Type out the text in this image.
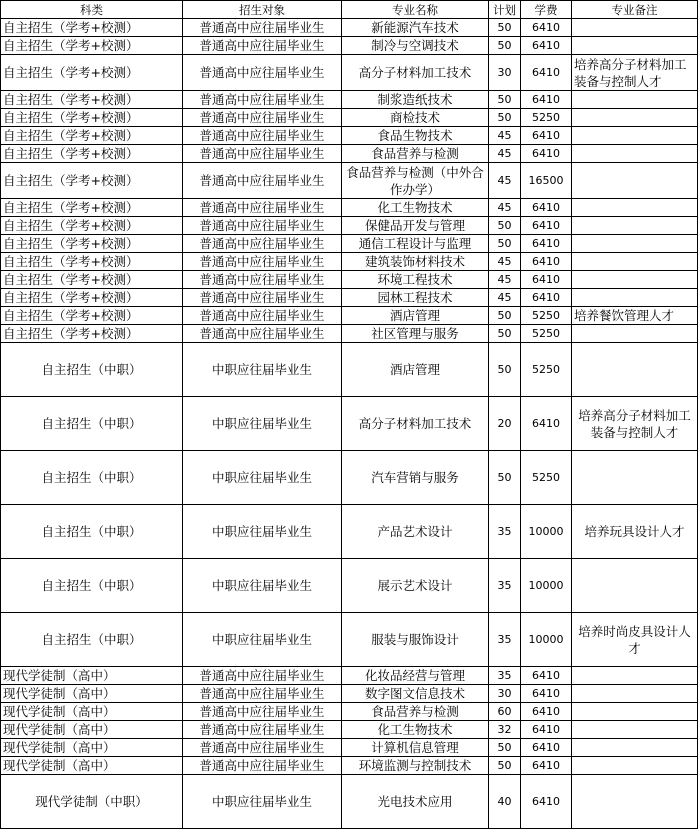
科类	招生对象	专业名称	计划	学费	专业备注
自主招生（学考+校测）	普通高中应往届毕业生	新能源汽车技术	50	6410	
自主招生（学考+校测）	普通高中应往届毕业生	制冷与空调技术	50	6410	
自主招生（学考+校测）	普通高中应往届毕业生	高分子材料加工技术	30	6410	培养高分子材料加工装备与控制人才
自主招生（学考+校测）	普通高中应往届毕业生	制浆造纸技术	50	6410	
自主招生（学考+校测）	普通高中应往届毕业生	商检技术	50	5250	
自主招生（学考+校测）	普通高中应往届毕业生	食品生物技术	45	6410	
自主招生（学考+校测）	普通高中应往届毕业生	食品营养与检测	45	6410	
自主招生（学考+校测）	普通高中应往届毕业生	食品营养与检测（中外合作办学）	45	16500	
自主招生（学考+校测）	普通高中应往届毕业生	化工生物技术	45	6410	
自主招生（学考+校测）	普通高中应往届毕业生	保健品开发与管理	50	6410	
自主招生（学考+校测）	普通高中应往届毕业生	通信工程设计与监理	50	6410	
自主招生（学考+校测）	普通高中应往届毕业生	建筑装饰材料技术	45	6410	
自主招生（学考+校测）	普通高中应往届毕业生	环境工程技术	45	6410	
自主招生（学考+校测）	普通高中应往届毕业生	园林工程技术	45	6410	
自主招生（学考+校测）	普通高中应往届毕业生	酒店管理	50	5250	培养餐饮管理人才
自主招生（学考+校测）	普通高中应往届毕业生	社区管理与服务	50	5250	
自主招生（中职）	中职应往届毕业生	酒店管理	50	5250	
自主招生（中职）	中职应往届毕业生	高分子材料加工技术	20	6410	培养高分子材料加工装备与控制人才
自主招生（中职）	中职应往届毕业生	汽车营销与服务	50	5250	
自主招生（中职）	中职应往届毕业生	产品艺术设计	35	10000	培养玩具设计人才
自主招生（中职）	中职应往届毕业生	展示艺术设计	35	10000	
自主招生（中职）	中职应往届毕业生	服装与服饰设计	35	10000	培养时尚皮具设计人才
现代学徒制（高中）	普通高中应往届毕业生	化妆品经营与管理	35	6410	
现代学徒制（高中）	普通高中应往届毕业生	数字图文信息技术	30	6410	
现代学徒制（高中）	普通高中应往届毕业生	食品营养与检测	60	6410	
现代学徒制（高中）	普通高中应往届毕业生	化工生物技术	32	6410	
现代学徒制（高中）	普通高中应往届毕业生	计算机信息管理	50	6410	
现代学徒制（高中）	普通高中应往届毕业生	环境监测与控制技术	50	6410	
现代学徒制（中职）	中职应往届毕业生	光电技术应用	40	6410	
